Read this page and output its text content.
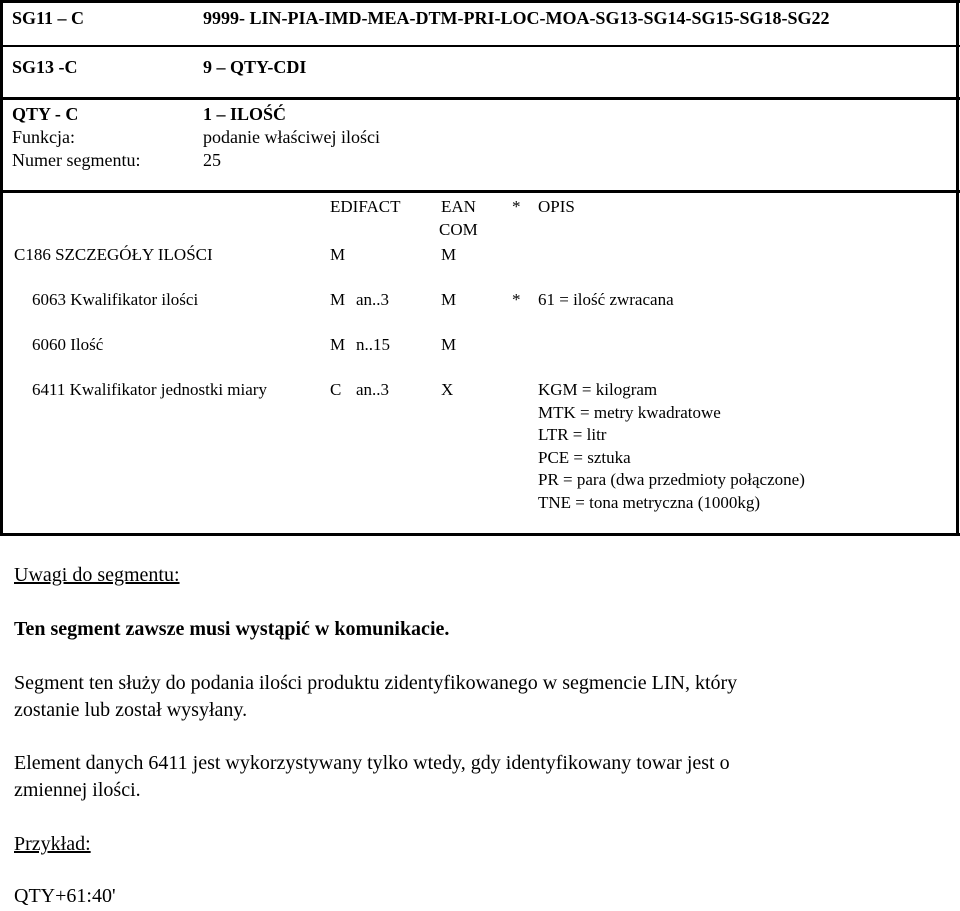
SG11 – C	9999- LIN-PIA-IMD-MEA-DTM-PRI-LOC-MOA-SG13-SG14-SG15-SG18-SG22
SG13 -C	9 – QTY-CDI
QTY - C	1 – ILOŚĆ
Funkcja:	podanie właściwej ilości
Numer segmentu:	25
EDIFACT EAN
COM
* OPIS
C186 SZCZEGÓŁY ILOŚCI	M	M
6063 Kwalifikator ilości	M an..3	M	* 61 = ilość zwracana
6060 Ilość	M n..15	M
6411 Kwalifikator jednostki miary	C an..3	X	KGM = kilogram
MTK = metry kwadratowe
LTR = litr
PCE = sztuka
PR = para (dwa przedmioty połączone)
TNE = tona metryczna (1000kg)
Uwagi do segmentu:
Ten segment zawsze musi wystąpić w komunikacie.
Segment ten służy do podania ilości produktu zidentyfikowanego w segmencie LIN, który
zostanie lub został wysyłany.
Element danych 6411 jest wykorzystywany tylko wtedy, gdy identyfikowany towar jest o
zmiennej ilości.
Przykład:
QTY+61:40'
